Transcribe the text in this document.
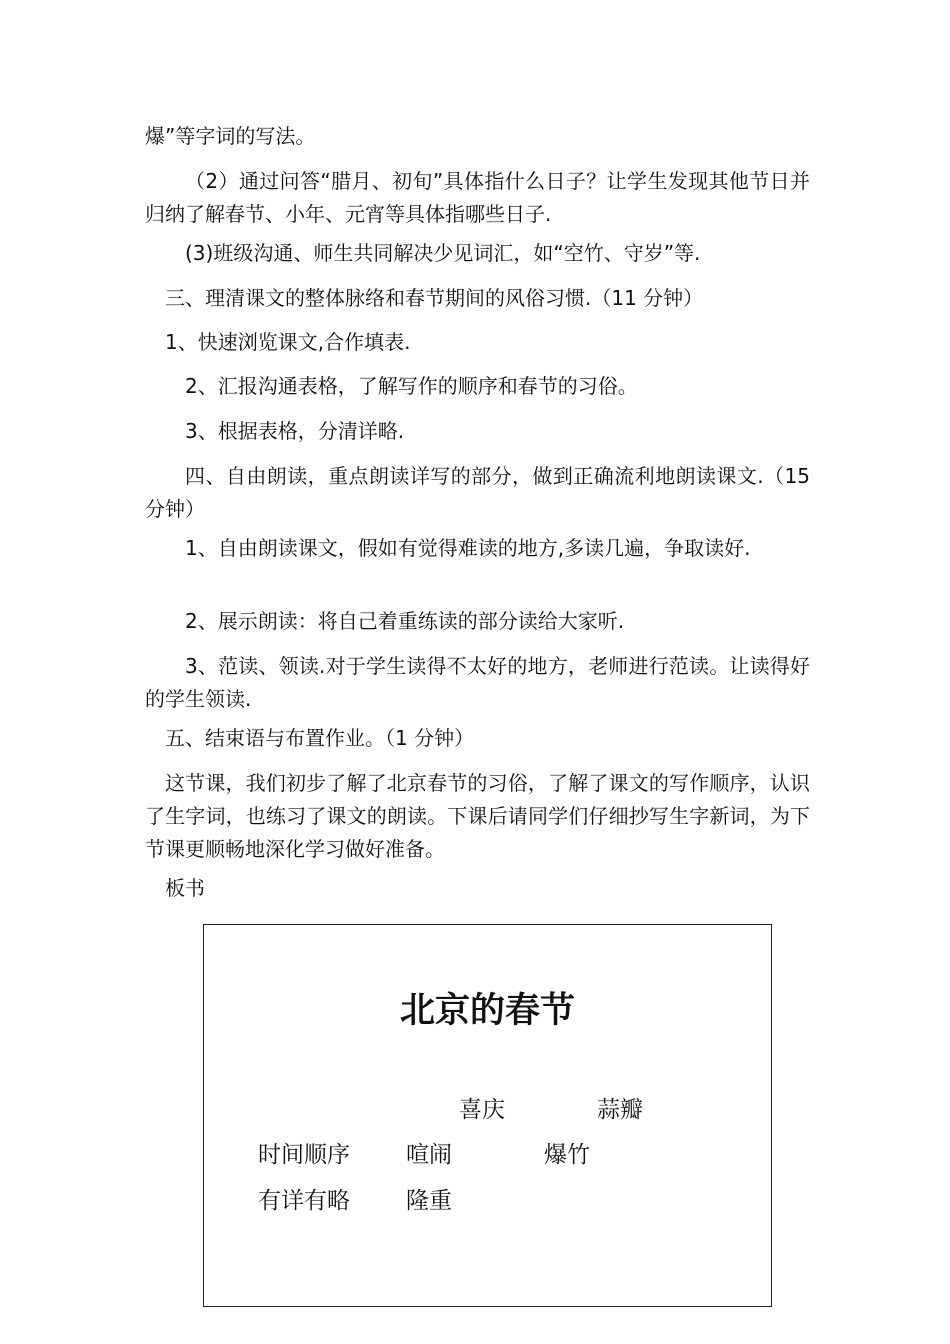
爆”等字词的写法。

（2）通过问答“腊月、初旬”具体指什么日子？让学生发现其他节日并归纳了解春节、小年、元宵等具体指哪些日子.

(3)班级沟通、师生共同解决少见词汇，如“空竹、守岁”等.

三、理清课文的整体脉络和春节期间的风俗习惯.（11 分钟）

1、快速浏览课文,合作填表.

2、汇报沟通表格，了解写作的顺序和春节的习俗。

3、根据表格，分清详略.

四、自由朗读，重点朗读详写的部分，做到正确流利地朗读课文.（15 分钟）

1、自由朗读课文，假如有觉得难读的地方,多读几遍，争取读好.

2、展示朗读：将自己着重练读的部分读给大家听.

3、范读、领读.对于学生读得不太好的地方，老师进行范读。让读得好的学生领读.

五、结束语与布置作业。（1 分钟）

这节课，我们初步了解了北京春节的习俗，了解了课文的写作顺序，认识了生字词，也练习了课文的朗读。下课后请同学们仔细抄写生字新词，为下节课更顺畅地深化学习做好准备。

板书

北京的春节
喜庆	蒜瓣
时间顺序 喧闹	爆竹
有详有略 隆重
